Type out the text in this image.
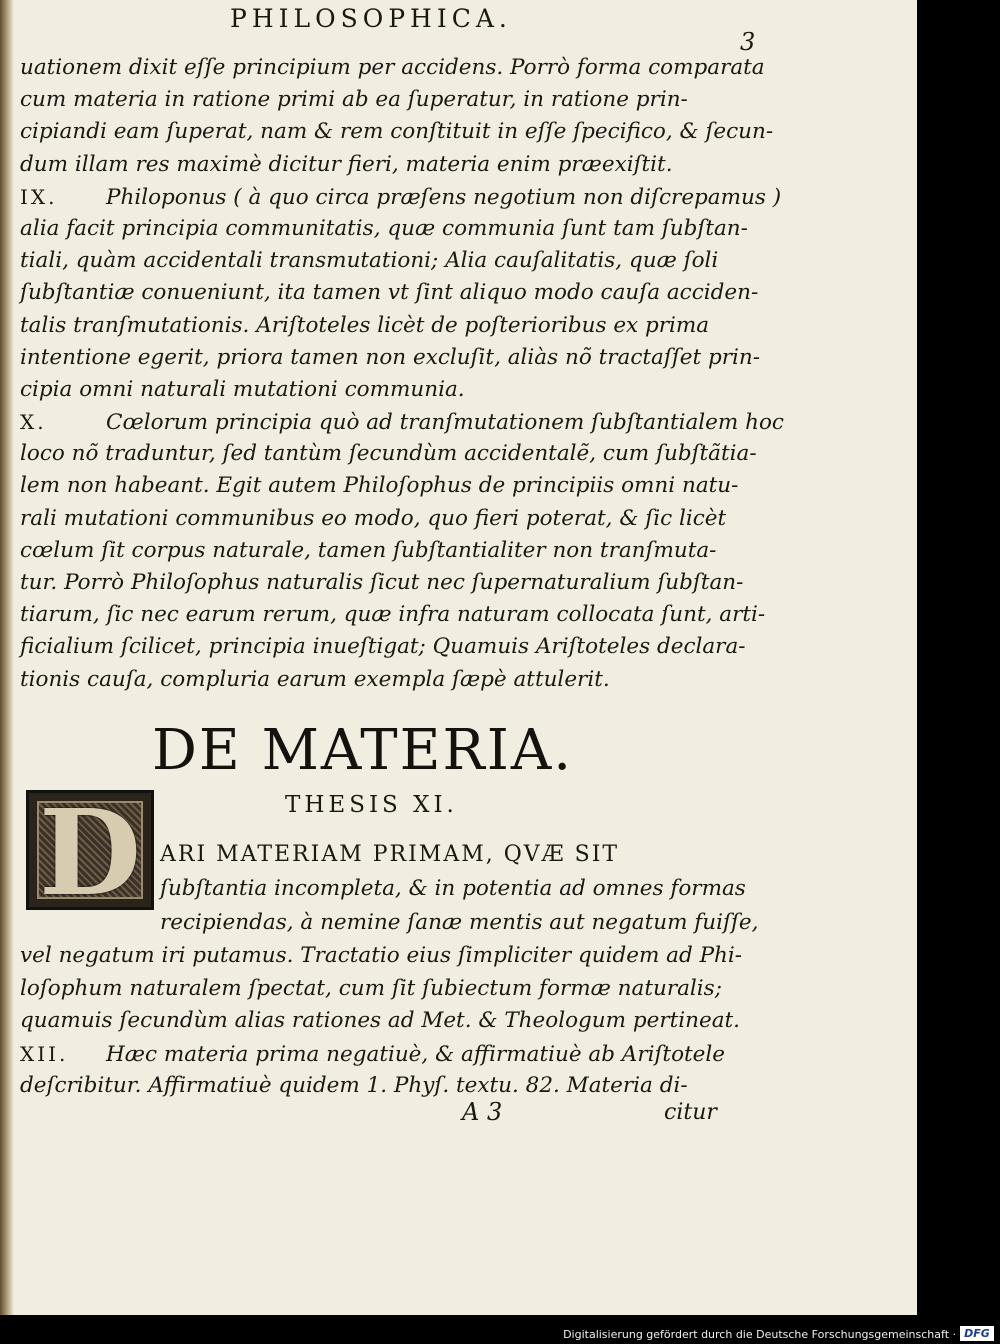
PHILOSOPHICA.
3
uationem dixit eſſe principium per accidens. Porrò forma comparata
cum materia in ratione primi ab ea ſuperatur, in ratione prin-
cipiandi eam ſuperat, nam & rem conſtituit in eſſe ſpecifico, & ſecun-
dum illam res maximè dicitur fieri, materia enim præexiſtit.
IX. Philoponus ( à quo circa præſens negotium non diſcrepamus )
alia facit principia communitatis, quæ communia ſunt tam ſubſtan-
tiali, quàm accidentali transmutationi; Alia cauſalitatis, quæ ſoli
ſubſtantiæ conueniunt, ita tamen vt ſint aliquo modo cauſa acciden-
talis tranſmutationis. Ariſtoteles licèt de poſterioribus ex prima
intentione egerit, priora tamen non excluſit, aliàs nõ tractaſſet prin-
cipia omni naturali mutationi communia.
X.	Cœlorum principia quò ad tranſmutationem ſubſtantialem hoc
loco nõ traduntur, ſed tantùm ſecundùm accidentalẽ, cum ſubſtãtia-
lem non habeant. Egit autem Philoſophus de principiis omni natu-
rali mutationi communibus eo modo, quo fieri poterat, & ſic licèt
cœlum ſit corpus naturale, tamen ſubſtantialiter non tranſmuta-
tur. Porrò Philoſophus naturalis ſicut nec ſupernaturalium ſubſtan-
tiarum, ſic nec earum rerum, quæ infra naturam collocata ſunt, arti-
ficialium ſcilicet, principia inueſtigat; Quamuis Ariſtoteles declara-
tionis cauſa, compluria earum exempla ſæpè attulerit.
DE MATERIA.
THESIS XI.
D ARI MATERIAM PRIMAM, QVÆ SIT
ſubſtantia incompleta, & in potentia ad omnes formas
recipiendas, à nemine ſanæ mentis aut negatum fuiſſe,
vel negatum iri putamus. Tractatio eius ſimpliciter quidem ad Phi-
loſophum naturalem ſpectat, cum ſit ſubiectum formæ naturalis;
quamuis ſecundùm alias rationes ad Met. & Theologum pertineat.
XII. Hæc materia prima negatiuè, & affirmatiuè ab Ariſtotele
deſcribitur. Affirmatiuè quidem 1. Phyſ. textu. 82. Materia di-
A 3	citur
Digitalisierung gefördert durch die Deutsche Forschungsgemeinschaft · DFG
